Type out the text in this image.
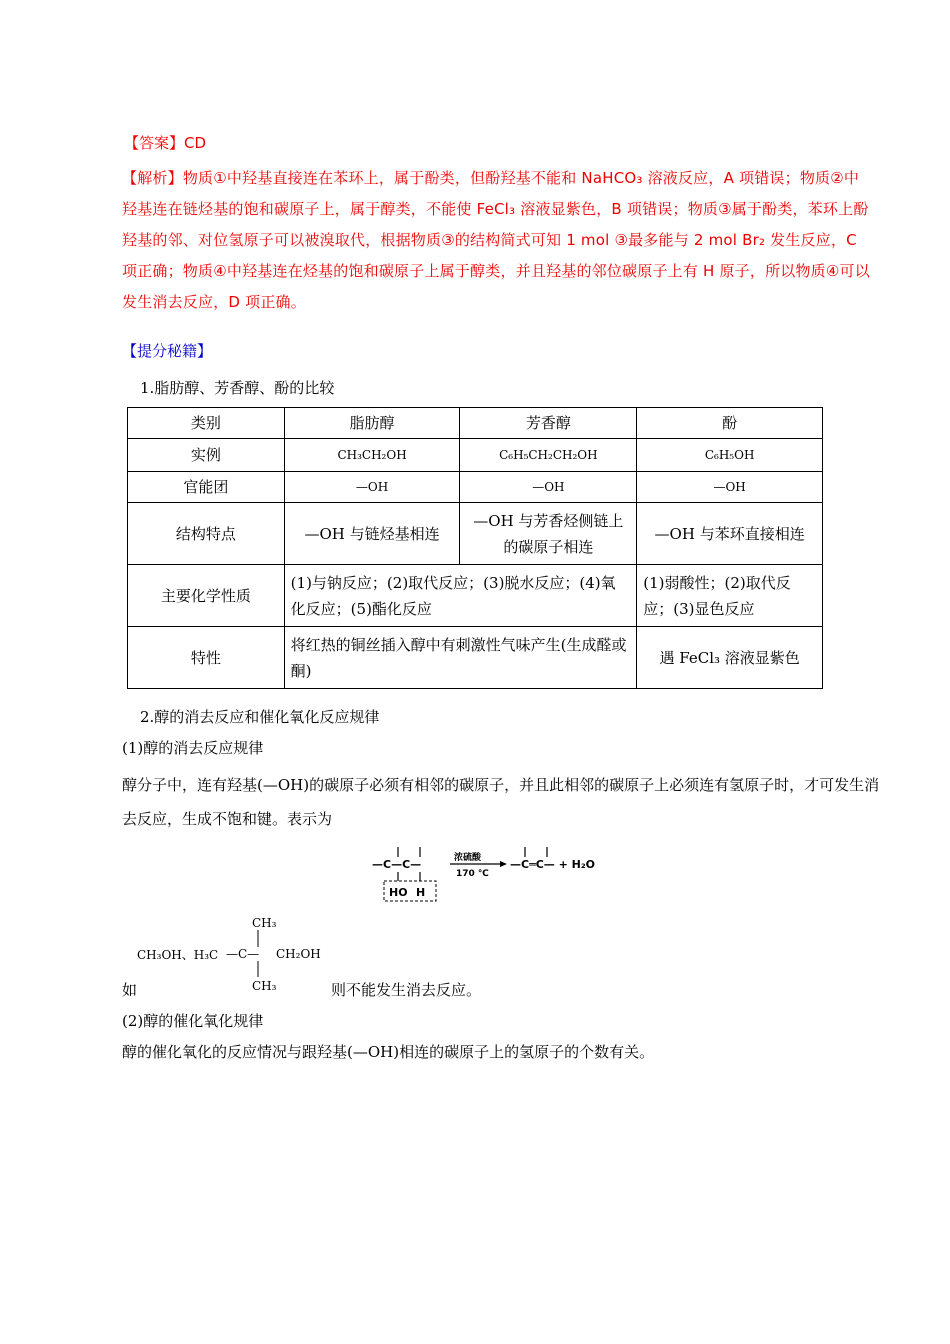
【答案】CD
【解析】物质①中羟基直接连在苯环上，属于酚类，但酚羟基不能和 NaHCO₃ 溶液反应，A 项错误；物质②中羟基连在链烃基的饱和碳原子上，属于醇类，不能使 FeCl₃ 溶液显紫色，B 项错误；物质③属于酚类，苯环上酚羟基的邻、对位氢原子可以被溴取代，根据物质③的结构简式可知 1 mol ③最多能与 2 mol Br₂ 发生反应，C 项正确；物质④中羟基连在烃基的饱和碳原子上属于醇类，并且羟基的邻位碳原子上有 H 原子，所以物质④可以发生消去反应，D 项正确。
【提分秘籍】
1.脂肪醇、芳香醇、酚的比较
类别	脂肪醇	芳香醇	酚
实例	CH₃CH₂OH	C₆H₅CH₂CH₂OH	C₆H₅OH
官能团	—OH	—OH	—OH
结构特点	—OH 与链烃基相连	—OH 与芳香烃侧链上的碳原子相连	—OH 与苯环直接相连
主要化学性质	(1)与钠反应；(2)取代反应；(3)脱水反应；(4)氧化反应；(5)酯化反应		(1)弱酸性；(2)取代反应；(3)显色反应
特性	将红热的铜丝插入醇中有刺激性气味产生(生成醛或酮)		遇 FeCl₃ 溶液显紫色
2.醇的消去反应和催化氧化反应规律
(1)醇的消去反应规律
醇分子中，连有羟基(—OH)的碳原子必须有相邻的碳原子，并且此相邻的碳原子上必须连有氢原子时，才可发生消去反应，生成不饱和键。表示为
—C—C—
HO H
浓硫酸
170 ℃
—C═C— + H₂O
CH₃OH、H₃C
CH₃
—C— CH₂OH
CH₃
如	则不能发生消去反应。
(2)醇的催化氧化规律
醇的催化氧化的反应情况与跟羟基(—OH)相连的碳原子上的氢原子的个数有关。
